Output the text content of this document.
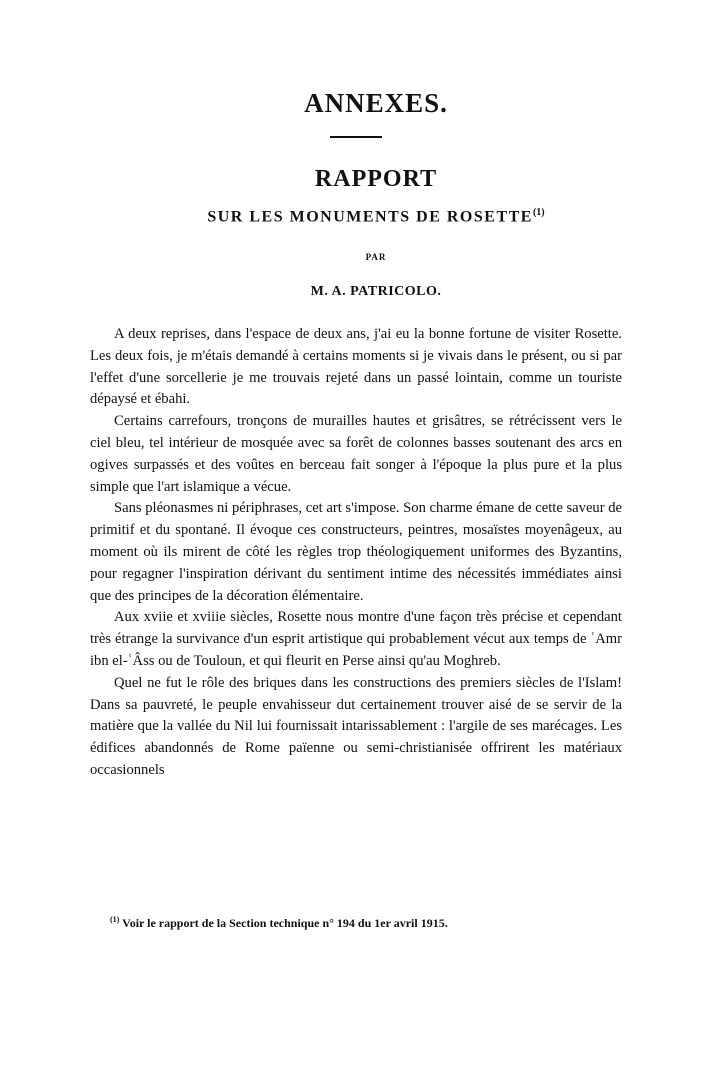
ANNEXES.
RAPPORT
SUR LES MONUMENTS DE ROSETTE$^{(1)}$
PAR
M. A. PATRICOLO.

A deux reprises, dans l'espace de deux ans, j'ai eu la bonne fortune de visiter Rosette. Les deux fois, je m'étais demandé à certains moments si je vivais dans le présent, ou si par l'effet d'une sorcellerie je me trouvais rejeté dans un passé lointain, comme un touriste dépaysé et ébahi.

Certains carrefours, tronçons de murailles hautes et grisâtres, se rétrécissent vers le ciel bleu, tel intérieur de mosquée avec sa forêt de colonnes basses soutenant des arcs en ogives surpassés et des voûtes en berceau fait songer à l'époque la plus pure et la plus simple que l'art islamique a vécue.

Sans pléonasmes ni périphrases, cet art s'impose. Son charme émane de cette saveur de primitif et du spontané. Il évoque ces constructeurs, peintres, mosaïstes moyenâgeux, au moment où ils mirent de côté les règles trop théologiquement uniformes des Byzantins, pour regagner l'inspiration dérivant du sentiment intime des nécessités immédiates ainsi que des principes de la décoration élémentaire.

Aux xviie et xviiie siècles, Rosette nous montre d'une façon très précise et cependant très étrange la survivance d'un esprit artistique qui probablement vécut aux temps de ʿAmr ibn el-ʿÂss ou de Touloun, et qui fleurit en Perse ainsi qu'au Moghreb.

Quel ne fut le rôle des briques dans les constructions des premiers siècles de l'Islam! Dans sa pauvreté, le peuple envahisseur dut certainement trouver aisé de se servir de la matière que la vallée du Nil lui fournissait intarissablement : l'argile de ses marécages. Les édifices abandonnés de Rome païenne ou semi-christianisée offrirent les matériaux occasionnels

$^{(1)}$ Voir le rapport de la Section technique n° 194 du 1er avril 1915.
